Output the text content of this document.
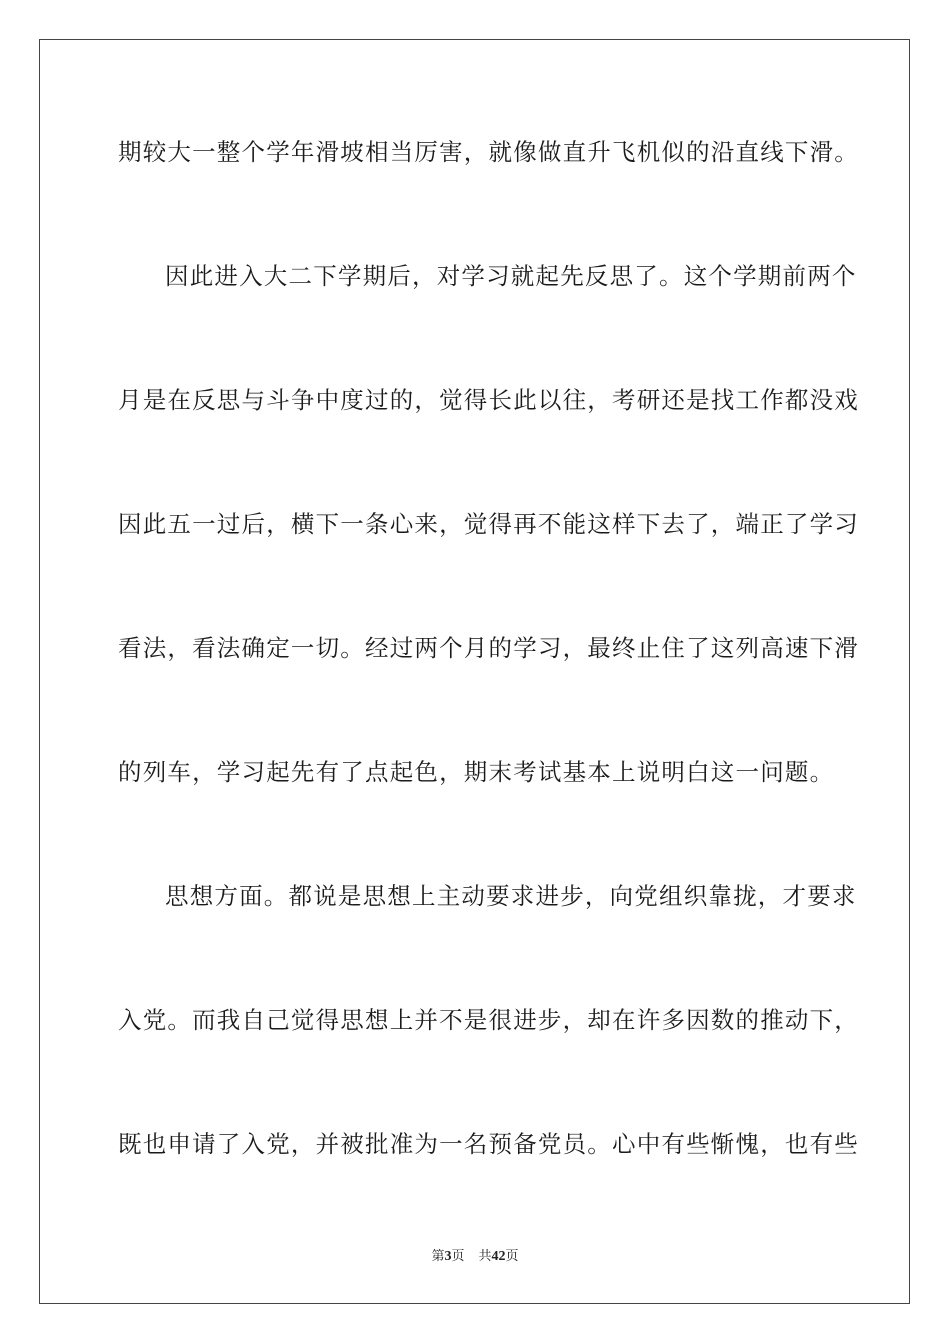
期较大一整个学年滑坡相当厉害，就像做直升飞机似的沿直线下滑。
因此进入大二下学期后，对学习就起先反思了。这个学期前两个
月是在反思与斗争中度过的，觉得长此以往，考研还是找工作都没戏
因此五一过后，横下一条心来，觉得再不能这样下去了，端正了学习
看法，看法确定一切。经过两个月的学习，最终止住了这列高速下滑
的列车，学习起先有了点起色，期末考试基本上说明白这一问题。
思想方面。都说是思想上主动要求进步，向党组织靠拢，才要求
入党。而我自己觉得思想上并不是很进步，却在许多因数的推动下，
既也申请了入党，并被批准为一名预备党员。心中有些惭愧，也有些
第3页 共42页
